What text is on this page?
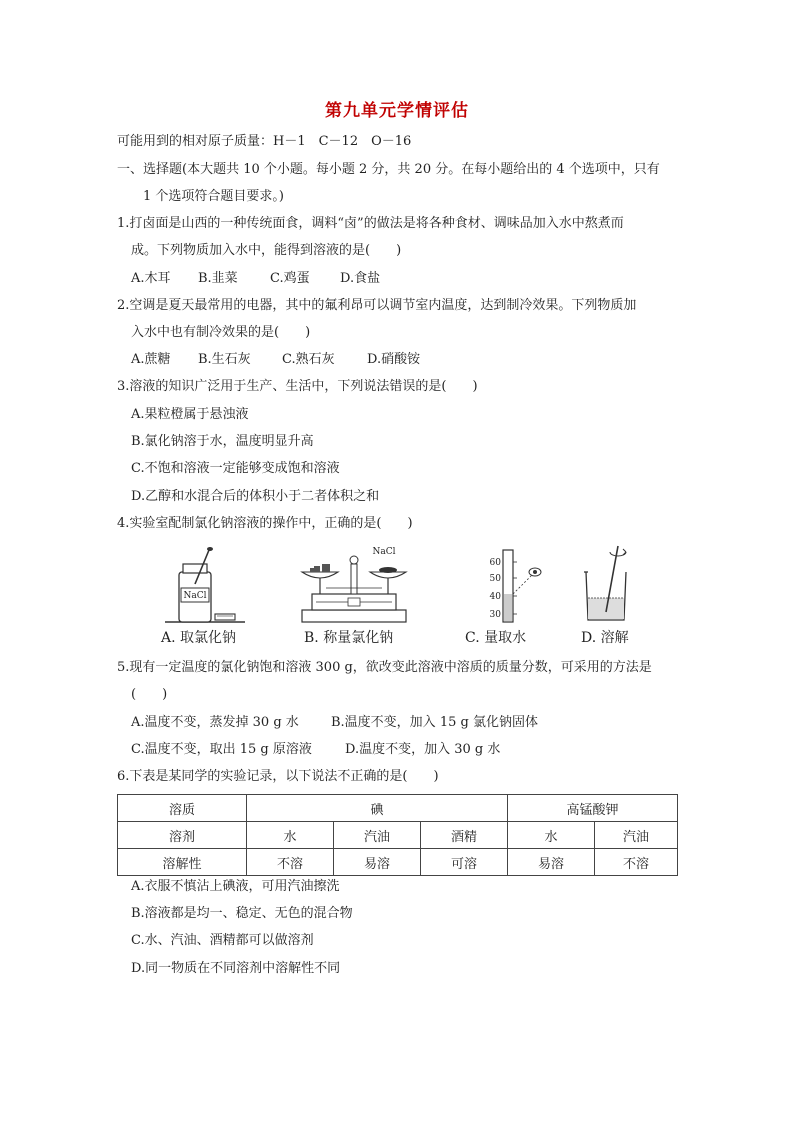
第九单元学情评估
可能用到的相对原子质量：H－1　C－12　O－16
一、选择题(本大题共 10 个小题。每小题 2 分，共 20 分。在每小题给出的 4 个选项中，只有
1 个选项符合题目要求。)
1.打卤面是山西的一种传统面食，调料“卤”的做法是将各种食材、调味品加入水中熬煮而
成。下列物质加入水中，能得到溶液的是(　　)
A.木耳 B.韭菜 C.鸡蛋 D.食盐
2.空调是夏天最常用的电器，其中的氟利昂可以调节室内温度，达到制冷效果。下列物质加
入水中也有制冷效果的是(　　)
A.蔗糖 B.生石灰 C.熟石灰 D.硝酸铵
3.溶液的知识广泛用于生产、生活中，下列说法错误的是(　　)
A.果粒橙属于悬浊液
B.氯化钠溶于水，温度明显升高
C.不饱和溶液一定能够变成饱和溶液
D.乙醇和水混合后的体积小于二者体积之和
4.实验室配制氯化钠溶液的操作中，正确的是(　　)
NaCl
A. 取氯化钠
NaCl
B. 称量氯化钠
60
50
40
30
C. 量取水	D. 溶解
5.现有一定温度的氯化钠饱和溶液 300 g，欲改变此溶液中溶质的质量分数，可采用的方法是
(　　)
A.温度不变，蒸发掉 30 g 水 B.温度不变，加入 15 g 氯化钠固体
C.温度不变，取出 15 g 原溶液	D.温度不变，加入 30 g 水
6.下表是某同学的实验记录，以下说法不正确的是(　　)
溶质	碘			高锰酸钾	
溶剂	水	汽油	酒精	水	汽油
溶解性	不溶	易溶	可溶	易溶	不溶
A.衣服不慎沾上碘液，可用汽油擦洗
B.溶液都是均一、稳定、无色的混合物
C.水、汽油、酒精都可以做溶剂
D.同一物质在不同溶剂中溶解性不同
